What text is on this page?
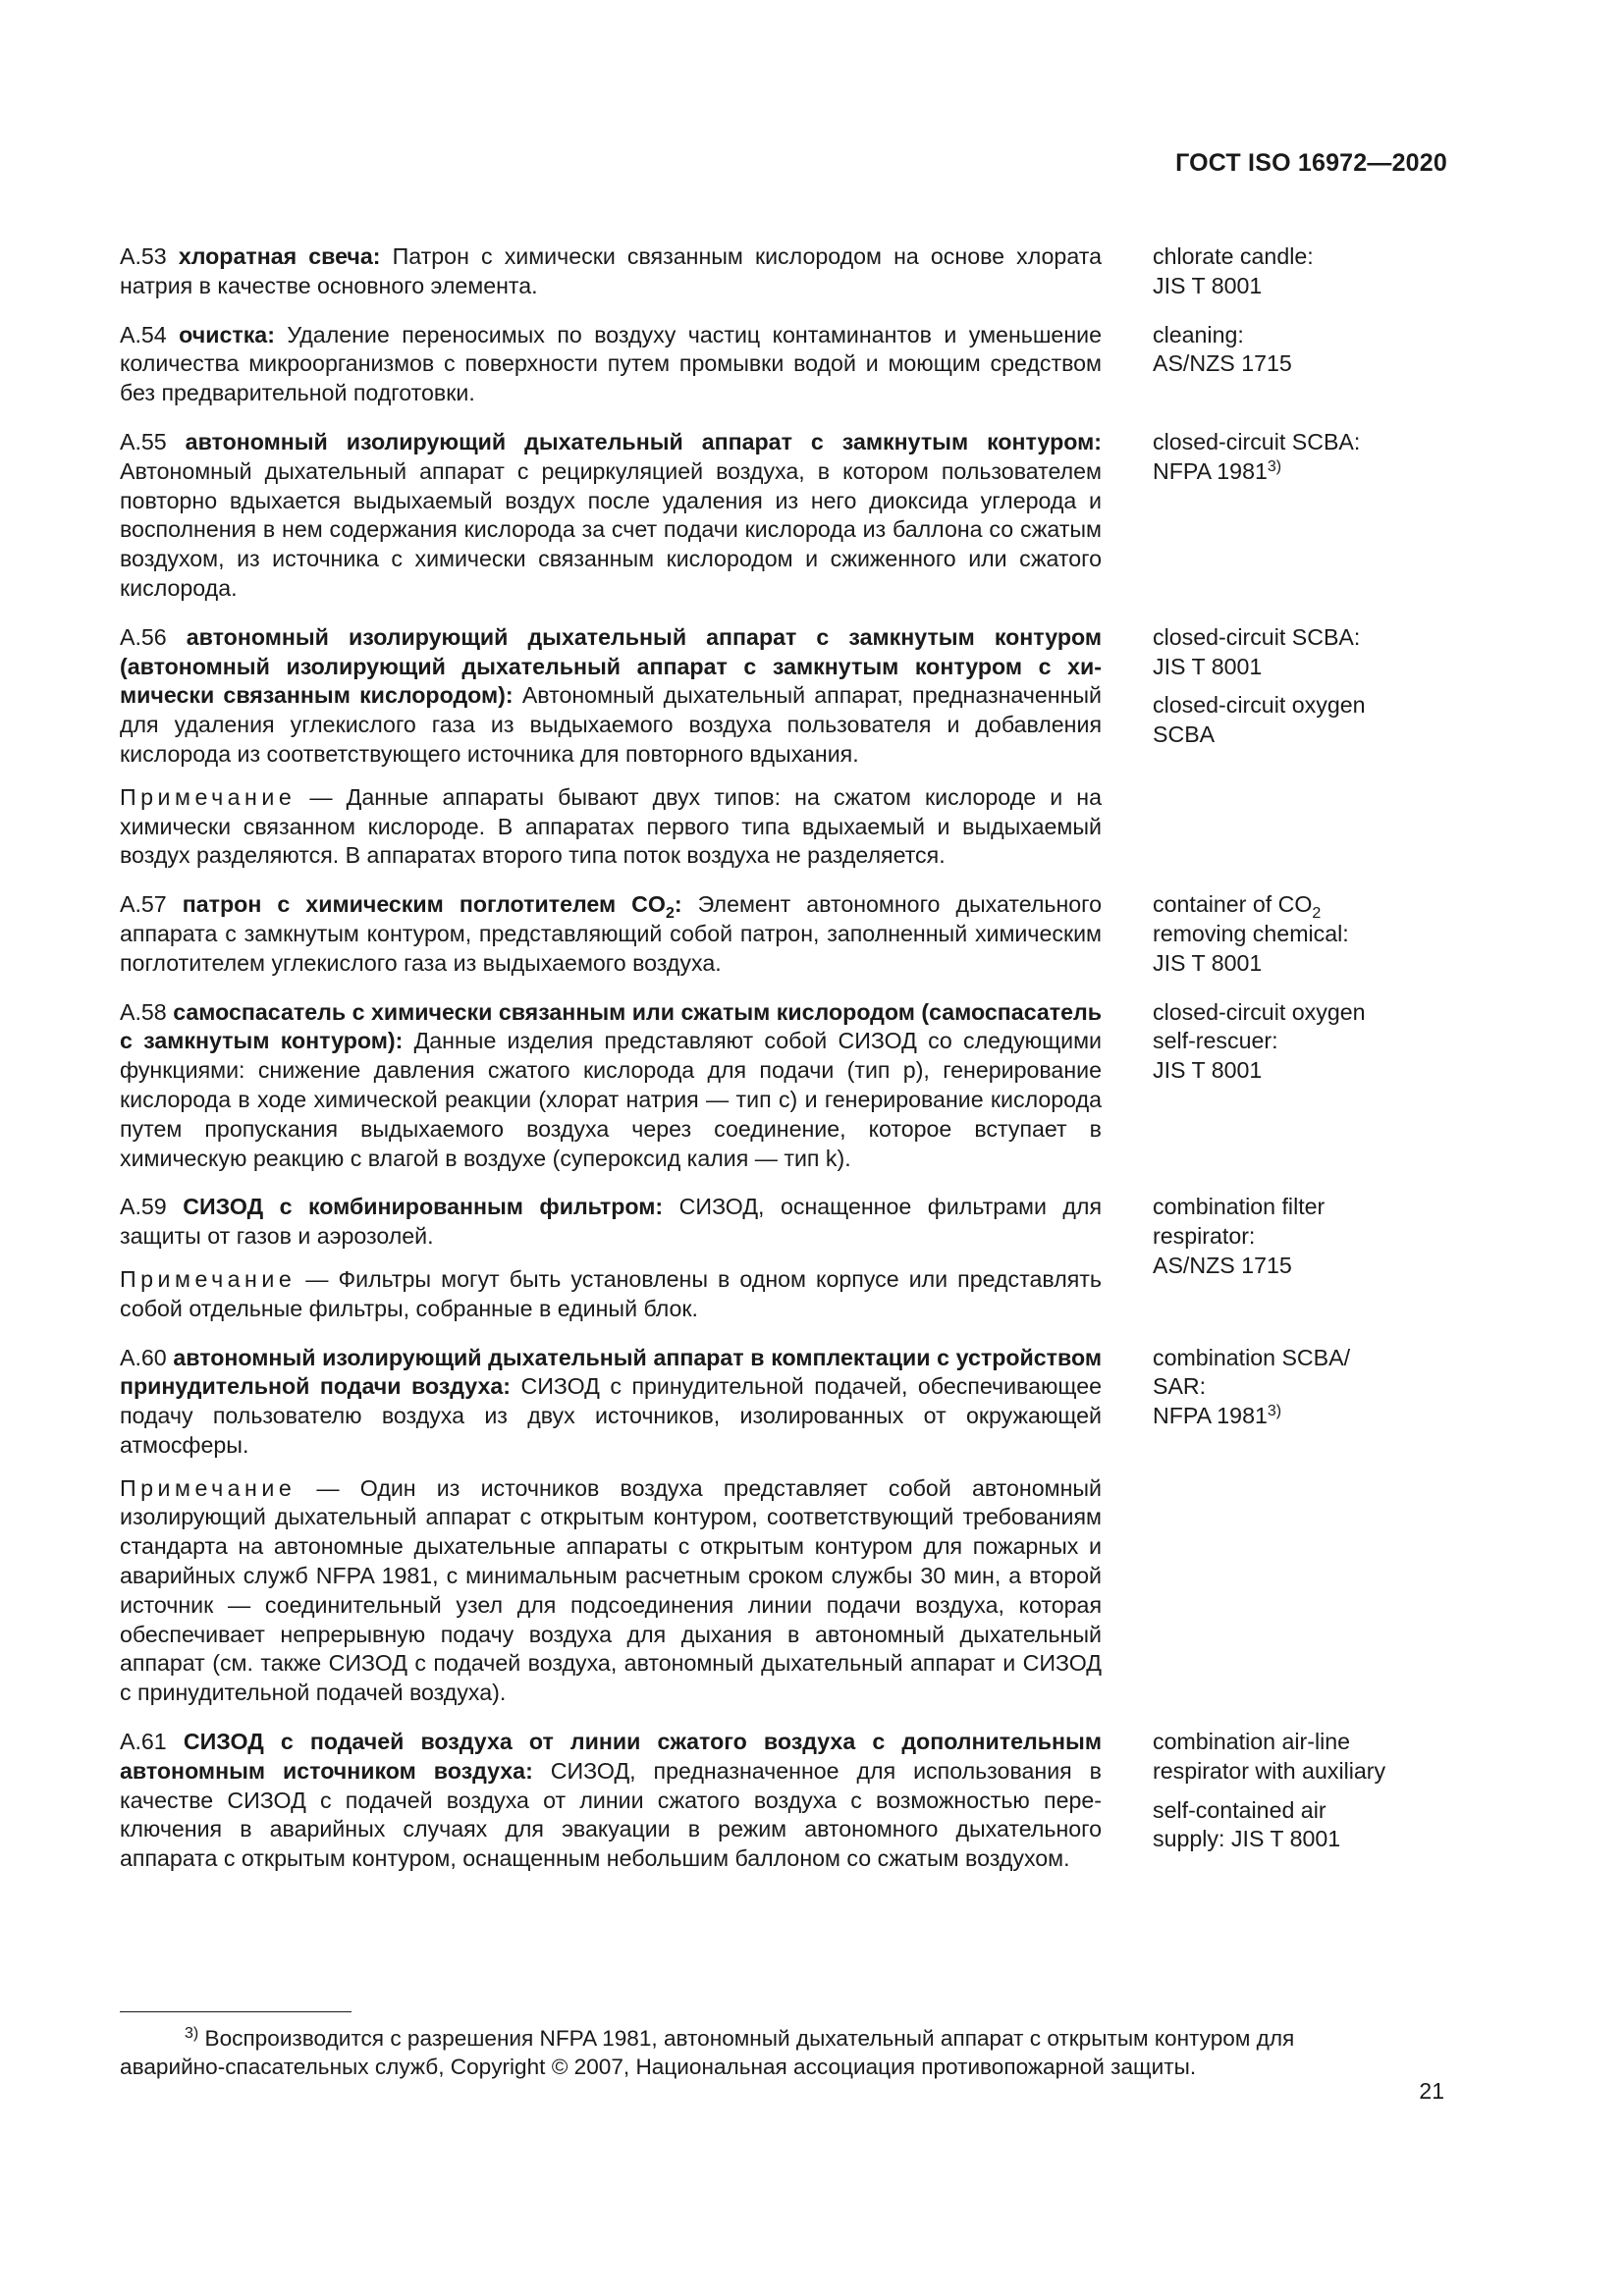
ГОСТ ISO 16972—2020
A.53 хлоратная свеча: Патрон с химически связанным кислородом на основе хлората натрия в качестве основного элемента.
chlorate candle:
JIS T 8001
A.54 очистка: Удаление переносимых по воздуху частиц контаминантов и уменьшение количества микроорганизмов с поверхности путем промывки водой и моющим средством без предварительной подготовки.
cleaning:
AS/NZS 1715
A.55 автономный изолирующий дыхательный аппарат с замкнутым контуром: Автономный дыхательный аппарат с рециркуляцией воздуха, в котором пользователем повторно вдыхается выдыхаемый воздух после удаления из него диоксида углерода и восполнения в нем содержания кислорода за счет подачи кислорода из баллона со сжатым воздухом, из источника с химически связанным кислородом и сжиженного или сжатого кислорода.
closed-circuit SCBA:
NFPA 1981$^{3)}$
A.56 автономный изолирующий дыхательный аппарат с замкнутым контуром (автономный изолирующий дыхательный аппарат с замкнутым контуром с химически связанным кислородом): Автономный дыхательный аппарат, предназначенный для удаления углекислого газа из выдыхаемого воздуха пользователя и добавления кислорода из соответствующего источника для повторного вдыхания.
closed-circuit SCBA:
JIS T 8001
closed-circuit oxygen
SCBA
Примечание — Данные аппараты бывают двух типов: на сжатом кислороде и на химически связанном кислороде. В аппаратах первого типа вдыхаемый и выдыхаемый воздух разделяются. В аппаратах второго типа поток воздуха не разделяется.
A.57 патрон с химическим поглотителем $CO_2$: Элемент автономного дыхательного аппарата с замкнутым контуром, представляющий собой патрон, заполненный химическим поглотителем углекислого газа из выдыхаемого воздуха.
container of $CO_2$
removing chemical:
JIS T 8001
A.58 самоспасатель с химически связанным или сжатым кислородом (самоспасатель с замкнутым контуром): Данные изделия представляют собой СИЗОД со следующими функциями: снижение давления сжатого кислорода для подачи (тип р), генерирование кислорода в ходе химической реакции (хлорат натрия — тип с) и генерирование кислорода путем пропускания выдыхаемого воздуха через соединение, которое вступает в химическую реакцию с влагой в воздухе (супероксид калия — тип k).
closed-circuit oxygen
self-rescuer:
JIS T 8001
A.59 СИЗОД с комбинированным фильтром: СИЗОД, оснащенное фильтрами для защиты от газов и аэрозолей.
combination filter
respirator:
AS/NZS 1715
Примечание — Фильтры могут быть установлены в одном корпусе или представлять собой отдельные фильтры, собранные в единый блок.
A.60 автономный изолирующий дыхательный аппарат в комплектации с устройством принудительной подачи воздуха: СИЗОД с принудительной подачей, обеспечивающее подачу пользователю воздуха из двух источников, изолированных от окружающей атмосферы.
combination SCBA/
SAR:
NFPA 1981$^{3)}$
Примечание — Один из источников воздуха представляет собой автономный изолирующий дыхательный аппарат с открытым контуром, соответствующий требованиям стандарта на автономные дыхательные аппараты с открытым контуром для пожарных и аварийных служб NFPA 1981, с минимальным расчетным сроком службы 30 мин, а второй источник — соединительный узел для подсоединения линии подачи воздуха, которая обеспечивает непрерывную подачу воздуха для дыхания в автономный дыхательный аппарат (см. также СИЗОД с подачей воздуха, автономный дыхательный аппарат и СИЗОД с принудительной подачей воздуха).
A.61 СИЗОД с подачей воздуха от линии сжатого воздуха с дополнительным автономным источником воздуха: СИЗОД, предназначенное для использования в качестве СИЗОД с подачей воздуха от линии сжатого воздуха с возможностью переключения в аварийных случаях для эвакуации в режим автономного дыхательного аппарата с открытым контуром, оснащенным небольшим баллоном со сжатым воздухом.
combination air-line
respirator with auxiliary
self-contained air
supply: JIS T 8001
$^{3)}$ Воспроизводится с разрешения NFPA 1981, автономный дыхательный аппарат с открытым контуром для
аварийно-спасательных служб, Copyright © 2007, Национальная ассоциация противопожарной защиты.
21
